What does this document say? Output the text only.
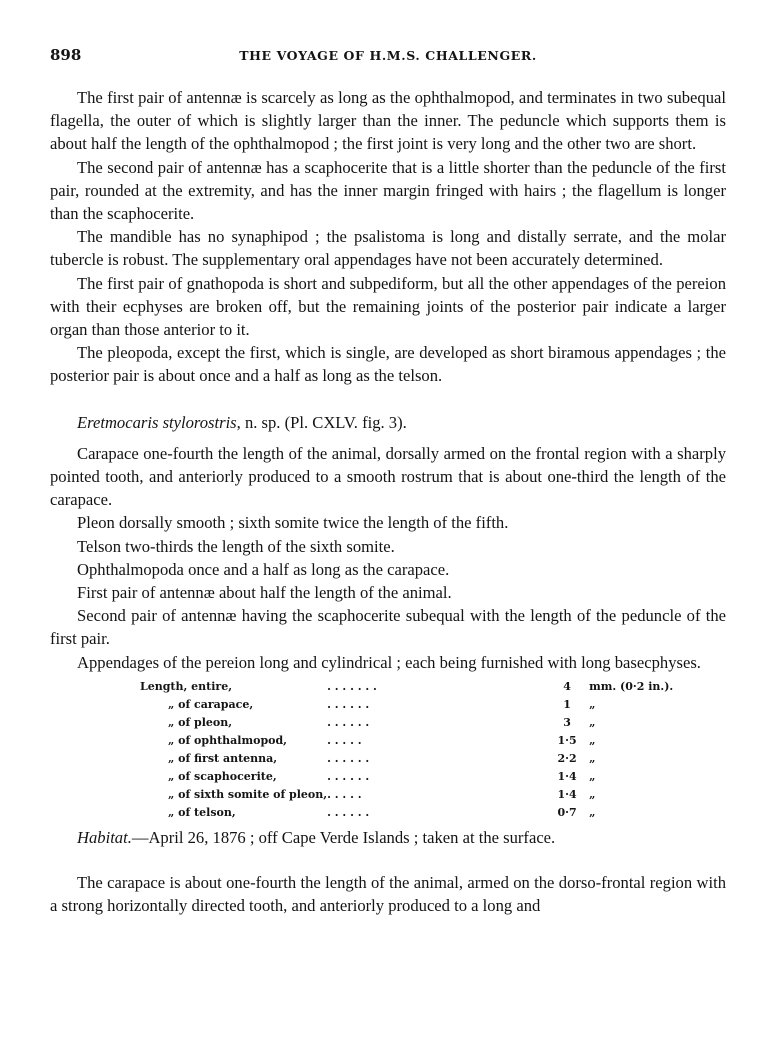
898	THE VOYAGE OF H.M.S. CHALLENGER.

The first pair of antennæ is scarcely as long as the ophthalmopod, and terminates in two subequal flagella, the outer of which is slightly larger than the inner. The peduncle which supports them is about half the length of the ophthalmopod ; the first joint is very long and the other two are short.

The second pair of antennæ has a scaphocerite that is a little shorter than the peduncle of the first pair, rounded at the extremity, and has the inner margin fringed with hairs ; the flagellum is longer than the scaphocerite.

The mandible has no synaphipod ; the psalistoma is long and distally serrate, and the molar tubercle is robust. The supplementary oral appendages have not been accurately determined.

The first pair of gnathopoda is short and subpediform, but all the other appendages of the pereion with their ecphyses are broken off, but the remaining joints of the posterior pair indicate a larger organ than those anterior to it.

The pleopoda, except the first, which is single, are developed as short biramous appendages ; the posterior pair is about once and a half as long as the telson.

Eretmocaris stylorostris, n. sp. (Pl. CXLV. fig. 3).

Carapace one-fourth the length of the animal, dorsally armed on the frontal region with a sharply pointed tooth, and anteriorly produced to a smooth rostrum that is about one-third the length of the carapace.

Pleon dorsally smooth ; sixth somite twice the length of the fifth.

Telson two-thirds the length of the sixth somite.

Ophthalmopoda once and a half as long as the carapace.

First pair of antennæ about half the length of the animal.

Second pair of antennæ having the scaphocerite subequal with the length of the peduncle of the first pair.

Appendages of the pereion long and cylindrical ; each being furnished with long basecphyses.

Length, entire,	. . . . . . .	4	mm. (0·2 in.).
„ of carapace,	. . . . . .	1	„
„ of pleon,	. . . . . .	3	„
„ of ophthalmopod,	. . . . .	1·5	„
„ of first antenna,	. . . . . .	2·2	„
„ of scaphocerite,	. . . . . .	1·4	„
„ of sixth somite of pleon,	. . . . .	1·4	„
„ of telson,	. . . . . .	0·7	„

Habitat.—April 26, 1876 ; off Cape Verde Islands ; taken at the surface.

The carapace is about one-fourth the length of the animal, armed on the dorso-frontal region with a strong horizontally directed tooth, and anteriorly produced to a long and
